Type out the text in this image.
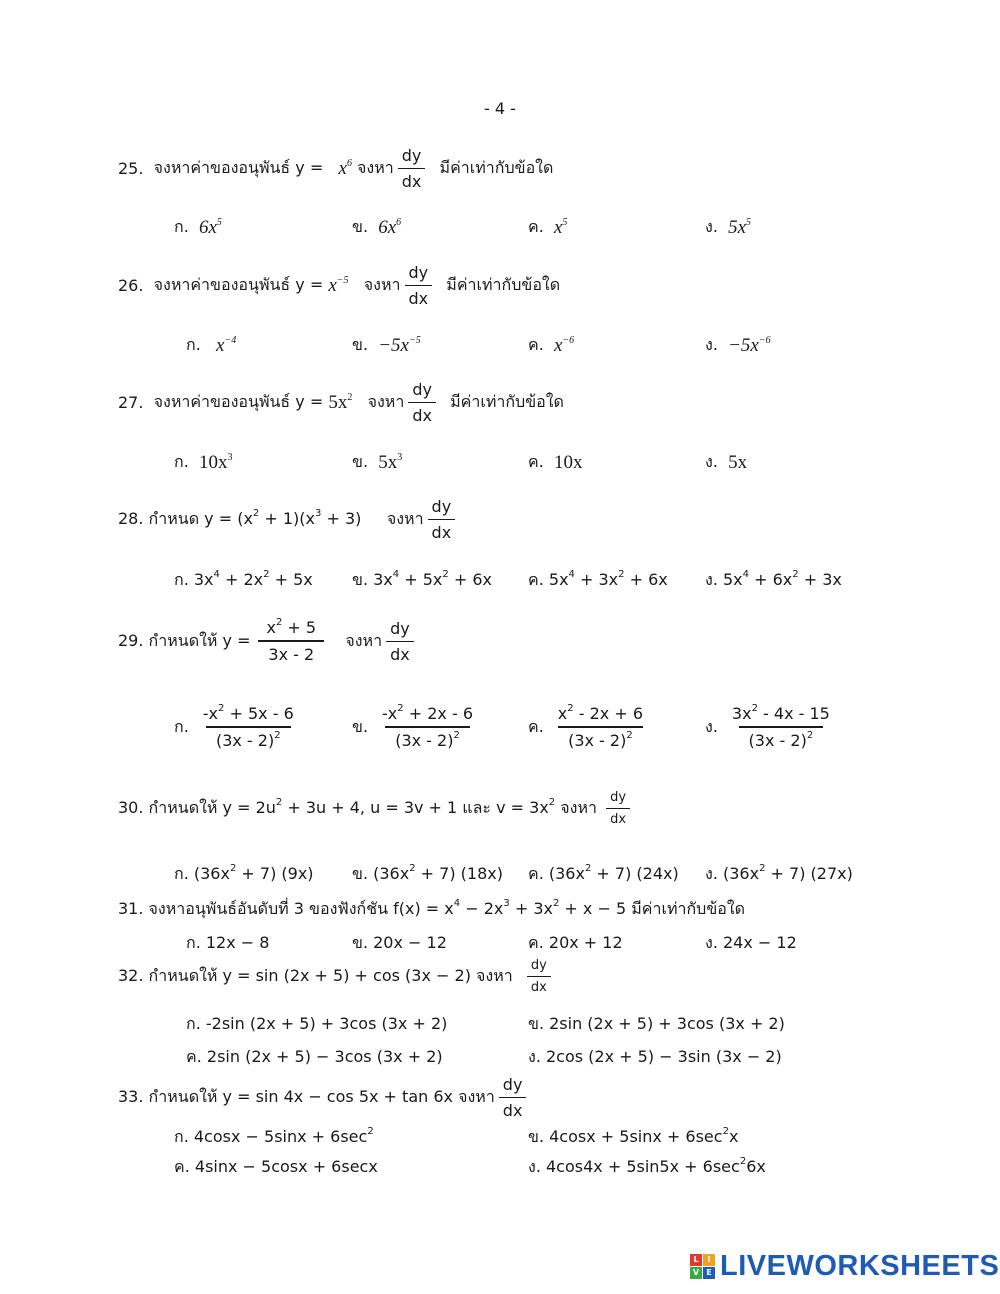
- 4 -
25.
จงหาค่าของอนุพันธ์ y =
$x^6$
จงหา $\frac{dy}{dx}$
มีค่าเท่ากับข้อใด
ก.
$6x^5$	ข.
$6x^6$	ค.
$x^5$	ง.
$5x^5$
26.
จงหาค่าของอนุพันธ์ y =
$x^{-5}$
จงหา $\frac{dy}{dx}$
มีค่าเท่ากับข้อใด
ก.
$x^{-4}$	ข.
$-5x^{-5}$	ค.
$x^{-6}$	ง.
$-5x^{-6}$
27.
จงหาค่าของอนุพันธ์ y =
$5x^2$
จงหา $\frac{dy}{dx}$
มีค่าเท่ากับข้อใด
ก.
$10x^3$	ข.
$5x^3$	ค.
10x	ง.
5x
28. กำหนด $y = (x^2 + 1)(x^3 + 3)$
จงหา $\frac{dy}{dx}$
ก. $3x^4 + 2x^2 + 5x$ ข. $3x^4 + 5x^2 + 6x$ ค. $5x^4 + 3x^2 + 6x$ ง. $5x^4 + 6x^2 + 3x$
29. กำหนดให้ $y = \frac{x^2 + 5}{3x - 2}$
จงหา $\frac{dy}{dx}$
ก. $\frac{-x^2 + 5x - 6}{(3x - 2)^2}$	ข. $\frac{-x^2 + 2x - 6}{(3x - 2)^2}$	ค. $\frac{x^2 - 2x + 6}{(3x - 2)^2}$	ง. $\frac{3x^2 - 4x - 15}{(3x - 2)^2}$
30. กำหนดให้ $y = 2u^2 + 3u + 4$, u = 3v + 1 และ $v = 3x^2$ จงหา
$\frac{dy}{dx}$
ก. $(36x^2 + 7)$ (9x) ข. $(36x^2 + 7)$ (18x) ค. $(36x^2 + 7)$ (24x) ง. $(36x^2 + 7)$ (27x)
31. จงหาอนุพันธ์อันดับที่ 3 ของฟังก์ชัน $f(x) = x^4 - 2x^3 + 3x^2 + x - 5$ มีค่าเท่ากับข้อใด
ก. 12x − 8	ข. 20x − 12	ค. 20x + 12	ง. 24x − 12
32. กำหนดให้ y = sin (2x + 5) + cos (3x − 2) จงหา
$\frac{dy}{dx}$
ก. -2sin (2x + 5) + 3cos (3x + 2)	ข. 2sin (2x + 5) + 3cos (3x + 2)
ค. 2sin (2x + 5) − 3cos (3x + 2)	ง. 2cos (2x + 5) − 3sin (3x − 2)
33. กำหนดให้ y = sin 4x − cos 5x + tan 6x จงหา $\frac{dy}{dx}$
ก. $4\cos x - 5\sin x + 6\sec^2$	ข. $4\cos x + 5\sin x + 6\sec^2x$
ค. 4sinx − 5cosx + 6secx	ง. $4\cos 4x + 5\sin 5x + 6\sec^26x$
L	I
V E LIVEWORKSHEETS
